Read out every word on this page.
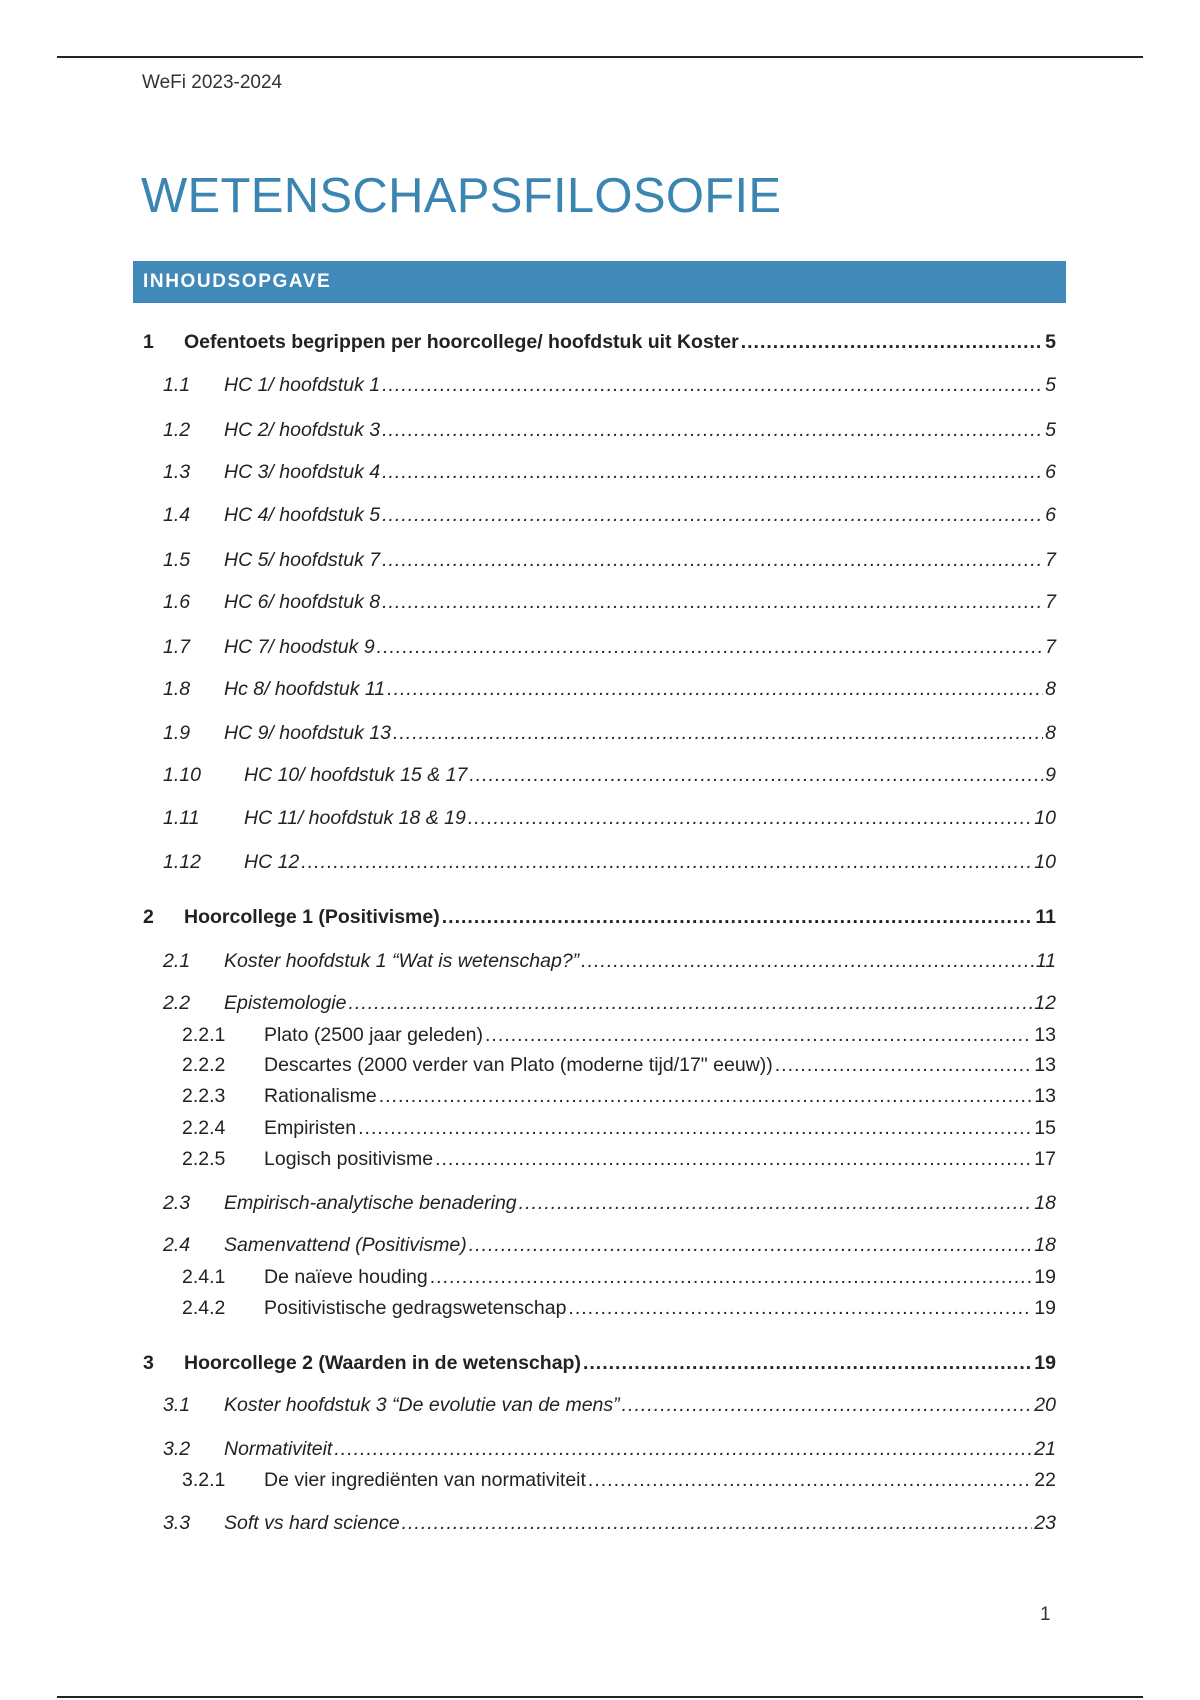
WeFi 2023-2024
WETENSCHAPSFILOSOFIE
INHOUDSOPGAVE
1	Oefentoets begrippen per hoorcollege/ hoofdstuk uit Koster .....	5
1.1	HC 1/ hoofdstuk 1 .....	5
1.2	HC 2/ hoofdstuk 3 .....	5
1.3	HC 3/ hoofdstuk 4 .....	6
1.4	HC 4/ hoofdstuk 5 .....	6
1.5	HC 5/ hoofdstuk 7 .....	7
1.6	HC 6/ hoofdstuk 8 .....	7
1.7	HC 7/ hoodstuk 9 .....	7
1.8	Hc 8/ hoofdstuk 11 .....	8
1.9	HC 9/ hoofdstuk 13 .....	8
1.10	HC 10/ hoofdstuk 15 & 17 .....	9
1.11	HC 11/ hoofdstuk 18 & 19 .....	10
1.12	HC 12 .....	10
2	Hoorcollege 1 (Positivisme) .....	11
2.1	Koster hoofdstuk 1 “Wat is wetenschap?” .....	11
2.2	Epistemologie .....	12
2.2.1	Plato (2500 jaar geleden) .....	13
2.2.2	Descartes (2000 verder van Plato (moderne tijd/17" eeuw)) .....	13
2.2.3	Rationalisme .....	13
2.2.4	Empiristen .....	15
2.2.5	Logisch positivisme .....	17
2.3	Empirisch-analytische benadering .....	18
2.4	Samenvattend (Positivisme) .....	18
2.4.1	De naïeve houding .....	19
2.4.2	Positivistische gedragswetenschap .....	19
3	Hoorcollege 2 (Waarden in de wetenschap) .....	19
3.1	Koster hoofdstuk 3 “De evolutie van de mens” .....	20
3.2	Normativiteit .....	21
3.2.1	De vier ingrediënten van normativiteit .....	22
3.3	Soft vs hard science .....	23
1
